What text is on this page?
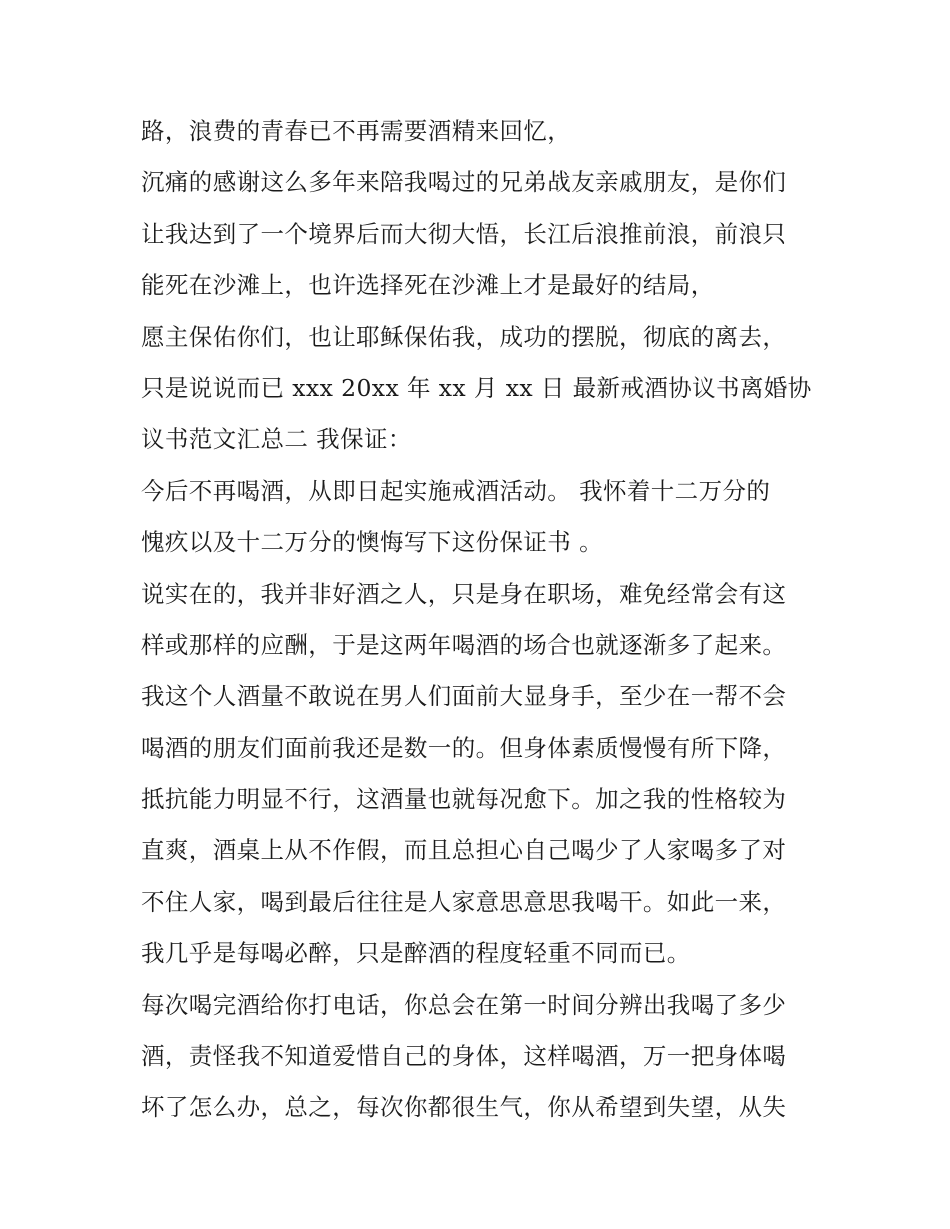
路，浪费的青春已不再需要酒精来回忆，
沉痛的感谢这么多年来陪我喝过的兄弟战友亲戚朋友，是你们
让我达到了一个境界后而大彻大悟，长江后浪推前浪，前浪只
能死在沙滩上，也许选择死在沙滩上才是最好的结局，
愿主保佑你们，也让耶稣保佑我，成功的摆脱，彻底的离去，
只是说说而已 xxx 20xx 年 xx 月 xx 日 最新戒酒协议书离婚协
议书范文汇总二 我保证：
今后不再喝酒，从即日起实施戒酒活动。 我怀着十二万分的
愧疚以及十二万分的懊悔写下这份保证书 。
说实在的，我并非好酒之人，只是身在职场，难免经常会有这
样或那样的应酬，于是这两年喝酒的场合也就逐渐多了起来。
我这个人酒量不敢说在男人们面前大显身手，至少在一帮不会
喝酒的朋友们面前我还是数一的。但身体素质慢慢有所下降，
抵抗能力明显不行，这酒量也就每况愈下。加之我的性格较为
直爽，酒桌上从不作假，而且总担心自己喝少了人家喝多了对
不住人家，喝到最后往往是人家意思意思我喝干。如此一来，
我几乎是每喝必醉，只是醉酒的程度轻重不同而已。
每次喝完酒给你打电话，你总会在第一时间分辨出我喝了多少
酒，责怪我不知道爱惜自己的身体，这样喝酒，万一把身体喝
坏了怎么办，总之，每次你都很生气，你从希望到失望，从失
